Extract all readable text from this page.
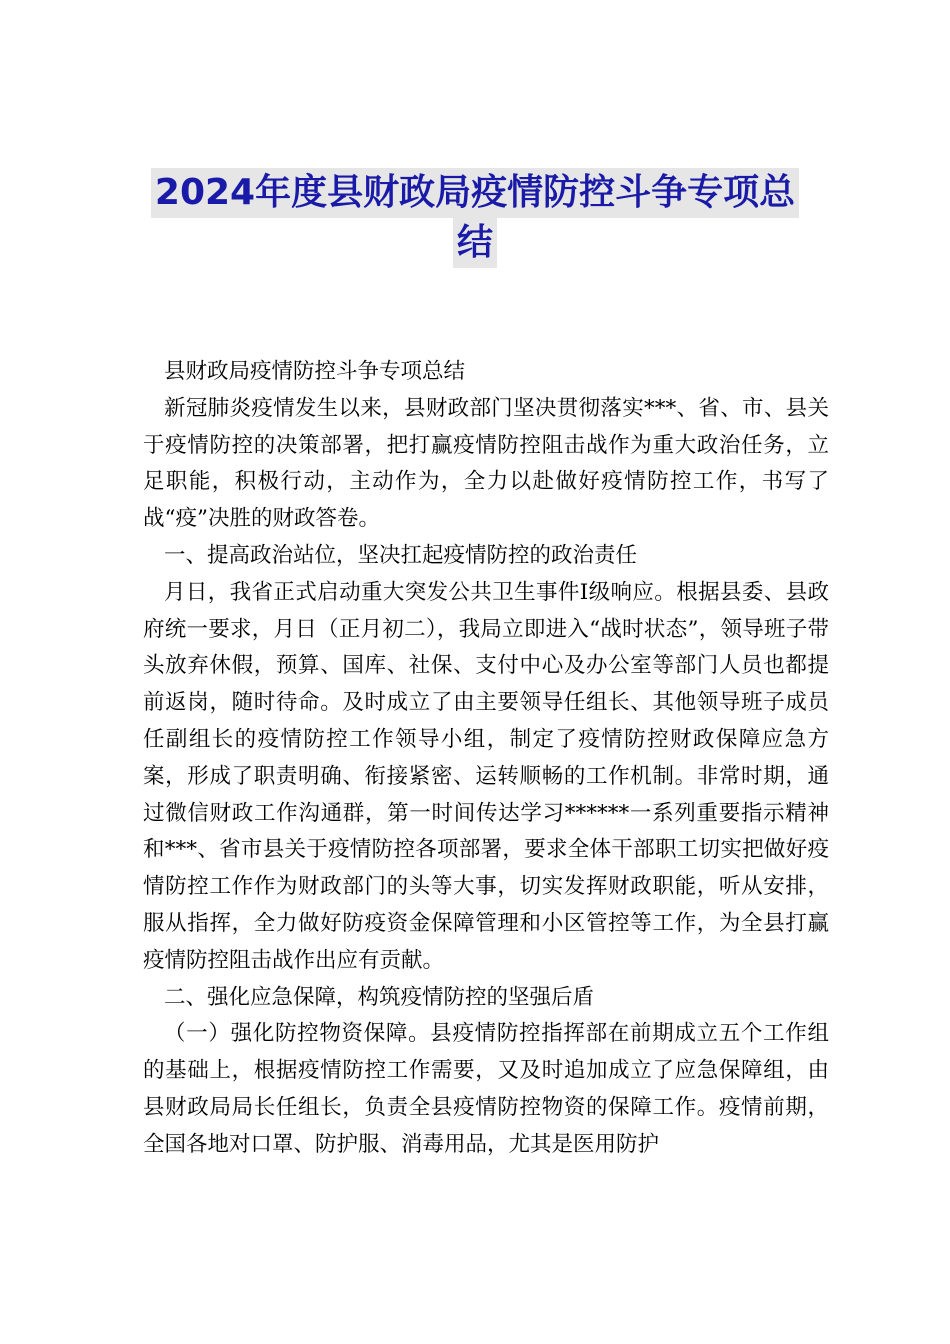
2024年度县财政局疫情防控斗争专项总
结

县财政局疫情防控斗争专项总结

新冠肺炎疫情发生以来，县财政部门坚决贯彻落实***、省、市、县关于疫情防控的决策部署，把打赢疫情防控阻击战作为重大政治任务，立足职能，积极行动，主动作为，全力以赴做好疫情防控工作，书写了战“疫”决胜的财政答卷。

一、提高政治站位，坚决扛起疫情防控的政治责任

月日，我省正式启动重大突发公共卫生事件Ⅰ级响应。根据县委、县政府统一要求，月日（正月初二），我局立即进入“战时状态”，领导班子带头放弃休假，预算、国库、社保、支付中心及办公室等部门人员也都提前返岗，随时待命。及时成立了由主要领导任组长、其他领导班子成员任副组长的疫情防控工作领导小组，制定了疫情防控财政保障应急方案，形成了职责明确、衔接紧密、运转顺畅的工作机制。非常时期，通过微信财政工作沟通群，第一时间传达学习******一系列重要指示精神和***、省市县关于疫情防控各项部署，要求全体干部职工切实把做好疫情防控工作作为财政部门的头等大事，切实发挥财政职能，听从安排，服从指挥，全力做好防疫资金保障管理和小区管控等工作，为全县打赢疫情防控阻击战作出应有贡献。

二、强化应急保障，构筑疫情防控的坚强后盾

（一）强化防控物资保障。县疫情防控指挥部在前期成立五个工作组的基础上，根据疫情防控工作需要，又及时追加成立了应急保障组，由县财政局局长任组长，负责全县疫情防控物资的保障工作。疫情前期，全国各地对口罩、防护服、消毒用品，尤其是医用防护
